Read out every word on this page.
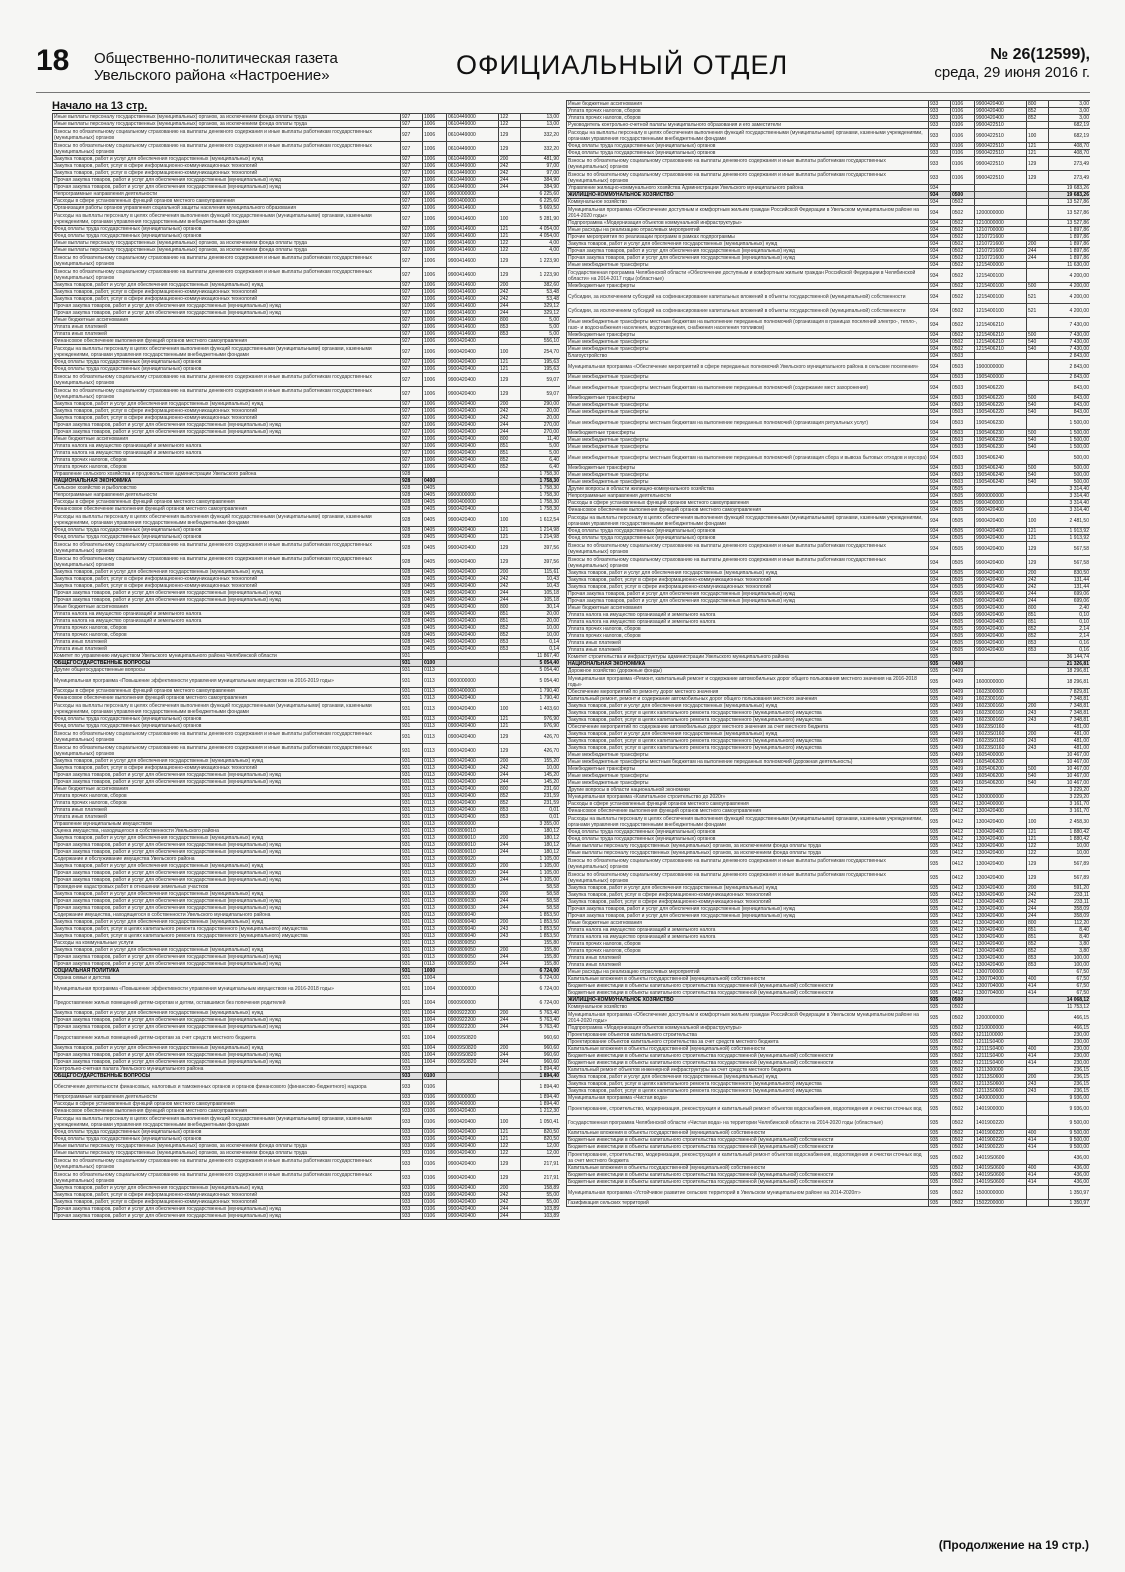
18 Общественно-политическая газета
Увельского района «Настроение»	ОФИЦИАЛЬНЫЙ ОТДЕЛ	№ 26(12599),
среда, 29 июня 2016 г.
Начало на 13 стр.
Иные выплаты персоналу государственных (муниципальных) органов, за исключением фонда оплаты труда	927	1006	0610449000	122	13,00
Иные выплаты персоналу государственных (муниципальных) органов, за исключением фонда оплаты труда	927	1006	0610449000	122	13,00
Взносы по обязательному социальному страхованию на выплаты денежного содержания и иные выплаты работникам государственных (муниципальных) органов	927	1006	0610449000	129	332,20
Взносы по обязательному социальному страхованию на выплаты денежного содержания и иные выплаты работникам государственных (муниципальных) органов	927	1006	0610449000	129	332,20
Закупка товаров, работ и услуг для обеспечения государственных (муниципальных) нужд	927	1006	0610449000	200	481,90
Закупка товаров, работ, услуг в сфере информационно-коммуникационных технологий	927	1006	0610449000	242	97,00
Закупка товаров, работ, услуг в сфере информационно-коммуникационных технологий	927	1006	0610449000	242	97,00
Прочая закупка товаров, работ и услуг для обеспечения государственных (муниципальных) нужд	927	1006	0610449000	244	384,90
Прочая закупка товаров, работ и услуг для обеспечения государственных (муниципальных) нужд	927	1006	0610449000	244	384,90
Непрограммные направления деятельности	927	1006	9900000000		6 225,60
Расходы в сфере установленных функций органов местного самоуправления	927	1006	9900400000		6 225,60
Организация работы органов управления социальной защиты населения муниципального образования	927	1006	9900414600		5 669,50
Расходы на выплаты персоналу в целях обеспечения выполнения функций государственными (муниципальными) органами, казенными учреждениями, органами управления государственными внебюджетными фондами	927	1006	9900414600	100	5 281,90
Фонд оплаты труда государственных (муниципальных) органов	927	1006	9900414600	121	4 054,00
Фонд оплаты труда государственных (муниципальных) органов	927	1006	9900414600	121	4 054,00
Иные выплаты персоналу государственных (муниципальных) органов, за исключением фонда оплаты труда	927	1006	9900414600	122	4,00
Иные выплаты персоналу государственных (муниципальных) органов, за исключением фонда оплаты труда	927	1006	9900414600	122	4,00
Взносы по обязательному социальному страхованию на выплаты денежного содержания и иные выплаты работникам государственных (муниципальных) органов	927	1006	9900414600	129	1 223,90
Взносы по обязательному социальному страхованию на выплаты денежного содержания и иные выплаты работникам государственных (муниципальных) органов	927	1006	9900414600	129	1 223,90
Закупка товаров, работ и услуг для обеспечения государственных (муниципальных) нужд	927	1006	9900414600	200	382,60
Закупка товаров, работ, услуг в сфере информационно-коммуникационных технологий	927	1006	9900414600	242	53,48
Закупка товаров, работ, услуг в сфере информационно-коммуникационных технологий	927	1006	9900414600	242	53,48
Прочая закупка товаров, работ и услуг для обеспечения государственных (муниципальных) нужд	927	1006	9900414600	244	329,12
Прочая закупка товаров, работ и услуг для обеспечения государственных (муниципальных) нужд	927	1006	9900414600	244	329,12
Иные бюджетные ассигнования	927	1006	9900414600	800	5,00
Уплата иных платежей	927	1006	9900414600	853	5,00
Уплата иных платежей	927	1006	9900414600	853	5,00
Финансовое обеспечение выполнения функций органов местного самоуправления	927	1006	9900420400		556,10
Расходы на выплаты персоналу в целях обеспечения выполнения функций государственными (муниципальными) органами, казенными учреждениями, органами управления государственными внебюджетными фондами	927	1006	9900420400	100	254,70
Фонд оплаты труда государственных (муниципальных) органов	927	1006	9900420400	121	195,63
Фонд оплаты труда государственных (муниципальных) органов	927	1006	9900420400	121	195,63
Взносы по обязательному социальному страхованию на выплаты денежного содержания и иные выплаты работникам государственных (муниципальных) органов	927	1006	9900420400	129	59,07
Взносы по обязательному социальному страхованию на выплаты денежного содержания и иные выплаты работникам государственных (муниципальных) органов	927	1006	9900420400	129	59,07
Закупка товаров, работ и услуг для обеспечения государственных (муниципальных) нужд	927	1006	9900420400	200	290,00
Закупка товаров, работ, услуг в сфере информационно-коммуникационных технологий	927	1006	9900420400	242	20,00
Закупка товаров, работ, услуг в сфере информационно-коммуникационных технологий	927	1006	9900420400	242	20,00
Прочая закупка товаров, работ и услуг для обеспечения государственных (муниципальных) нужд	927	1006	9900420400	244	270,00
Прочая закупка товаров, работ и услуг для обеспечения государственных (муниципальных) нужд	927	1006	9900420400	244	270,00
Иные бюджетные ассигнования	927	1006	9900420400	800	11,40
Уплата налога на имущество организаций и земельного налога	927	1006	9900420400	851	5,00
Уплата налога на имущество организаций и земельного налога	927	1006	9900420400	851	5,00
Уплата прочих налогов, сборов	927	1006	9900420400	852	6,40
Уплата прочих налогов, сборов	927	1006	9900420400	852	6,40
Управление сельского хозяйства и продовольствия администрации Увельского района	928				1 758,30
НАЦИОНАЛЬНАЯ ЭКОНОМИКА	928	0400			1 758,30
Сельское хозяйство и рыболовство	928	0405			1 758,30
Непрограммные направления деятельности	928	0405	9900000000		1 758,30
Расходы в сфере установленных функций органов местного самоуправления	928	0405	9900400000		1 758,30
Финансовое обеспечение выполнения функций органов местного самоуправления	928	0405	9900420400		1 758,30
Расходы на выплаты персоналу в целях обеспечения выполнения функций государственными (муниципальными) органами, казенными учреждениями, органами управления государственными внебюджетными фондами	928	0405	9900420400	100	1 612,54
Фонд оплаты труда государственных (муниципальных) органов	928	0405	9900420400	121	1 214,98
Фонд оплаты труда государственных (муниципальных) органов	928	0405	9900420400	121	1 214,98
Взносы по обязательному социальному страхованию на выплаты денежного содержания и иные выплаты работникам государственных (муниципальных) органов	928	0405	9900420400	129	397,56
Взносы по обязательному социальному страхованию на выплаты денежного содержания и иные выплаты работникам государственных (муниципальных) органов	928	0405	9900420400	129	397,56
Закупка товаров, работ и услуг для обеспечения государственных (муниципальных) нужд	928	0405	9900420400	200	115,61
Закупка товаров, работ, услуг в сфере информационно-коммуникационных технологий	928	0405	9900420400	242	10,43
Закупка товаров, работ, услуг в сфере информационно-коммуникационных технологий	928	0405	9900420400	242	10,43
Прочая закупка товаров, работ и услуг для обеспечения государственных (муниципальных) нужд	928	0405	9900420400	244	105,18
Прочая закупка товаров, работ и услуг для обеспечения государственных (муниципальных) нужд	928	0405	9900420400	244	105,18
Иные бюджетные ассигнования	928	0405	9900420400	800	30,14
Уплата налога на имущество организаций и земельного налога	928	0405	9900420400	851	20,00
Уплата налога на имущество организаций и земельного налога	928	0405	9900420400	851	20,00
Уплата прочих налогов, сборов	928	0405	9900420400	852	10,00
Уплата прочих налогов, сборов	928	0405	9900420400	852	10,00
Уплата иных платежей	928	0405	9900420400	853	0,14
Уплата иных платежей	928	0405	9900420400	853	0,14
Комитет по управлению имуществом Увельского муниципального района Челябинской области	931				11 867,40
ОБЩЕГОСУДАРСТВЕННЫЕ ВОПРОСЫ	931	0100			5 054,40
Другие общегосударственные вопросы	931	0113			5 054,40
Муниципальная программа «Повышение эффективности управления муниципальным имуществом на 2016-2019 годы»	931	0113	0900000000		5 054,40
Расходы в сфере установленных функций органов местного самоуправления	931	0113	0900400000		1 790,40
Финансовое обеспечение выполнения функций органов местного самоуправления	931	0113	0900420400		1 790,40
Расходы на выплаты персоналу в целях обеспечения выполнения функций государственными (муниципальными) органами, казенными учреждениями, органами управления государственными внебюджетными фондами	931	0113	0900420400	100	1 403,60
Фонд оплаты труда государственных (муниципальных) органов	931	0113	0900420400	121	976,90
Фонд оплаты труда государственных (муниципальных) органов	931	0113	0900420400	121	976,90
Взносы по обязательному социальному страхованию на выплаты денежного содержания и иные выплаты работникам государственных (муниципальных) органов	931	0113	0900420400	129	426,70
Взносы по обязательному социальному страхованию на выплаты денежного содержания и иные выплаты работникам государственных (муниципальных) органов	931	0113	0900420400	129	426,70
Закупка товаров, работ и услуг для обеспечения государственных (муниципальных) нужд	931	0113	0900420400	200	155,20
Закупка товаров, работ, услуг в сфере информационно-коммуникационных технологий	931	0113	0900420400	242	10,00
Прочая закупка товаров, работ и услуг для обеспечения государственных (муниципальных) нужд	931	0113	0900420400	244	145,20
Прочая закупка товаров, работ и услуг для обеспечения государственных (муниципальных) нужд	931	0113	0900420400	244	145,20
Иные бюджетные ассигнования	931	0113	0900420400	800	231,60
Уплата прочих налогов, сборов	931	0113	0900420400	852	231,59
Уплата прочих налогов, сборов	931	0113	0900420400	852	231,59
Уплата иных платежей	931	0113	0900420400	853	0,01
Уплата иных платежей	931	0113	0900420400	853	0,01
Управление муниципальным имуществом	931	0113	0900800000		3 355,00
Оценка имущества, находящегося в собственности Увельского района	931	0113	0900809010		180,12
Закупка товаров, работ и услуг для обеспечения государственных (муниципальных) нужд	931	0113	0900809010	200	180,12
Прочая закупка товаров, работ и услуг для обеспечения государственных (муниципальных) нужд	931	0113	0900809010	244	180,12
Прочая закупка товаров, работ и услуг для обеспечения государственных (муниципальных) нужд	931	0113	0900809010	244	180,12
Содержание и обслуживание имущества Увельского района	931	0113	0900809020		1 105,00
Закупка товаров, работ и услуг для обеспечения государственных (муниципальных) нужд	931	0113	0900809020	200	1 105,00
Прочая закупка товаров, работ и услуг для обеспечения государственных (муниципальных) нужд	931	0113	0900809020	244	1 105,00
Прочая закупка товаров, работ и услуг для обеспечения государственных (муниципальных) нужд	931	0113	0900809020	244	1 105,00
Проведение кадастровых работ в отношении земельных участков	931	0113	0900809030		58,58
Закупка товаров, работ и услуг для обеспечения государственных (муниципальных) нужд	931	0113	0900809030	200	58,58
Прочая закупка товаров, работ и услуг для обеспечения государственных (муниципальных) нужд	931	0113	0900809030	244	58,58
Прочая закупка товаров, работ и услуг для обеспечения государственных (муниципальных) нужд	931	0113	0900809030	244	58,58
Содержание имущества, находящегося в собственности Увельского муниципального района	931	0113	0900809040		1 853,50
Закупка товаров, работ и услуг для обеспечения государственных (муниципальных) нужд	931	0113	0900809040	200	1 853,50
Закупка товаров, работ, услуг в целях капитального ремонта государственного (муниципального) имущества	931	0113	0900809040	243	1 853,50
Закупка товаров, работ, услуг в целях капитального ремонта государственного (муниципального) имущества	931	0113	0900809040	243	1 853,50
Расходы на коммунальные услуги	931	0113	0900809050		155,80
Закупка товаров, работ и услуг для обеспечения государственных (муниципальных) нужд	931	0113	0900809050	200	155,80
Прочая закупка товаров, работ и услуг для обеспечения государственных (муниципальных) нужд	931	0113	0900809050	244	155,80
Прочая закупка товаров, работ и услуг для обеспечения государственных (муниципальных) нужд	931	0113	0900809050	244	155,80
СОЦИАЛЬНАЯ ПОЛИТИКА	931	1000			6 724,00
Охрана семьи и детства	931	1004			6 724,00
Муниципальная программа «Повышение эффективности управления муниципальным имуществом на 2016-2018 годы»	931	1004	0900000000		6 724,00
Предоставление жилых помещений детям-сиротам и детям, оставшимся без попечения родителей	931	1004	0900900000		6 724,00
Закупка товаров, работ и услуг для обеспечения государственных (муниципальных) нужд	931	1004	0900922200	200	5 763,40
Прочая закупка товаров, работ и услуг для обеспечения государственных (муниципальных) нужд	931	1004	0900922200	244	5 763,40
Прочая закупка товаров, работ и услуг для обеспечения государственных (муниципальных) нужд	931	1004	0900922200	244	5 763,40
Предоставление жилых помещений детям-сиротам за счет средств местного бюджета	931	1004	09009S0820		960,60
Закупка товаров, работ и услуг для обеспечения государственных (муниципальных) нужд	931	1004	09009S0820	200	960,60
Прочая закупка товаров, работ и услуг для обеспечения государственных (муниципальных) нужд	931	1004	09009S0820	244	960,60
Прочая закупка товаров, работ и услуг для обеспечения государственных (муниципальных) нужд	931	1004	09009S0820	244	960,60
Контрольно-счетная палата Увельского муниципального района	933				1 894,40
ОБЩЕГОСУДАРСТВЕННЫЕ ВОПРОСЫ	933	0100			1 894,40
Обеспечение деятельности финансовых, налоговых и таможенных органов и органов финансового (финансово-бюджетного) надзора	933	0106			1 894,40
Непрограммные направления деятельности	933	0106	9900000000		1 894,40
Расходы в сфере установленных функций органов местного самоуправления	933	0106	9900400000		1 894,40
Финансовое обеспечение выполнения функций органов местного самоуправления	933	0106	9900420400		1 212,30
Расходы на выплаты персоналу в целях обеспечения выполнения функций государственными (муниципальными) органами, казенными учреждениями, органами управления государственными внебюджетными фондами	933	0106	9900420400	100	1 050,41
Фонд оплаты труда государственных (муниципальных) органов	933	0106	9900420400	121	820,50
Фонд оплаты труда государственных (муниципальных) органов	933	0106	9900420400	121	820,50
Иные выплаты персоналу государственных (муниципальных) органов, за исключением фонда оплаты труда	933	0106	9900420400	122	12,00
Иные выплаты персоналу государственных (муниципальных) органов, за исключением фонда оплаты труда	933	0106	9900420400	122	12,00
Взносы по обязательному социальному страхованию на выплаты денежного содержания и иные выплаты работникам государственных (муниципальных) органов	933	0106	9900420400	129	217,91
Взносы по обязательному социальному страхованию на выплаты денежного содержания и иные выплаты работникам государственных (муниципальных) органов	933	0106	9900420400	129	217,91
Закупка товаров, работ и услуг для обеспечения государственных (муниципальных) нужд	933	0106	9900420400	200	158,89
Закупка товаров, работ, услуг в сфере информационно-коммуникационных технологий	933	0106	9900420400	242	55,00
Закупка товаров, работ, услуг в сфере информационно-коммуникационных технологий	933	0106	9900420400	242	55,00
Прочая закупка товаров, работ и услуг для обеспечения государственных (муниципальных) нужд	933	0106	9900420400	244	103,89
Прочая закупка товаров, работ и услуг для обеспечения государственных (муниципальных) нужд	933	0106	9900420400	244	103,89
Иные бюджетные ассигнования	933	0106	9900420400	800	3,00
Уплата прочих налогов, сборов	933	0106	9900420400	852	3,00
Уплата прочих налогов, сборов	933	0106	9900420400	852	3,00
Руководитель контрольно-счетной палаты муниципального образования и его заместители	933	0106	9900422510		682,19
Расходы на выплаты персоналу в целях обеспечения выполнения функций государственными (муниципальными) органами, казенными учреждениями, органами управления государственными внебюджетными фондами	933	0106	9900422510	100	682,19
Фонд оплаты труда государственных (муниципальных) органов	933	0106	9900422510	121	408,70
Фонд оплаты труда государственных (муниципальных) органов	933	0106	9900422510	121	408,70
Взносы по обязательному социальному страхованию на выплаты денежного содержания и иные выплаты работникам государственных (муниципальных) органов	933	0106	9900422510	129	273,49
Взносы по обязательному социальному страхованию на выплаты денежного содержания и иные выплаты работникам государственных (муниципальных) органов	933	0106	9900422510	129	273,49
Управление жилищно-коммунального хозяйства Администрации Увельского муниципального района	934				19 683,26
ЖИЛИЩНО-КОММУНАЛЬНОЕ ХОЗЯЙСТВО	934	0500			19 683,26
Коммунальное хозяйство	934	0502			13 527,86
Муниципальная программа «Обеспечение доступным и комфортным жильем граждан Российской Федерации в Увельском муниципальном районе на 2014-2020 годы»	934	0502	1200000000		13 527,86
Подпрограмма «Модернизация объектов коммунальной инфраструктуры»	934	0502	1210000000		13 527,86
Иные расходы на реализацию отраслевых мероприятий	934	0502	1210700000		1 897,86
Прочие мероприятия по реализации программ в рамках подпрограммы	934	0502	1210721600		1 897,86
Закупка товаров, работ и услуг для обеспечения государственных (муниципальных) нужд	934	0502	1210721600	200	1 897,86
Прочая закупка товаров, работ и услуг для обеспечения государственных (муниципальных) нужд	934	0502	1210721600	244	1 897,86
Прочая закупка товаров, работ и услуг для обеспечения государственных (муниципальных) нужд	934	0502	1210721600	244	1 897,86
Иные межбюджетные трансферты	934	0502	1215400000		11 630,00
Государственная программа Челябинской области «Обеспечение доступным и комфортным жильем граждан Российской Федерации в Челябинской области» на 2014-2017 годы (областные)	934	0502	1215400100		4 200,00
Межбюджетные трансферты	934	0502	1215400100	500	4 200,00
Субсидии, за исключением субсидий на софинансирование капитальных вложений в объекты государственной (муниципальной) собственности	934	0502	1215400100	521	4 200,00
Субсидии, за исключением субсидий на софинансирование капитальных вложений в объекты государственной (муниципальной) собственности	934	0502	1215400100	521	4 200,00
Иные межбюджетные трансферты местным бюджетам на выполнение переданных полномочий (организация в границах поселений электро-, тепло-, газо- и водоснабжения населения, водоотведения, снабжения населения топливом)	934	0502	1215406210		7 430,00
Межбюджетные трансферты	934	0502	1215406210	500	7 430,00
Иные межбюджетные трансферты	934	0502	1215406210	540	7 430,00
Иные межбюджетные трансферты	934	0502	1215406210	540	7 430,00
Благоустройство	934	0503			2 843,00
Муниципальная программа «Обеспечение мероприятий в сфере переданных полномочий Увельского муниципального района в сельские поселения»	934	0503	1900000000		2 843,00
Иные межбюджетные трансферты	934	0503	1905400000		2 843,00
Иные межбюджетные трансферты местным бюджетам на выполнение переданных полномочий (содержание мест захоронения)	934	0503	1905406220		843,00
Межбюджетные трансферты	934	0503	1905406220	500	843,00
Иные межбюджетные трансферты	934	0503	1905406220	540	843,00
Иные межбюджетные трансферты	934	0503	1905406220	540	843,00
Иные межбюджетные трансферты местным бюджетам на выполнение переданных полномочий (организация ритуальных услуг)	934	0503	1905406230		1 500,00
Межбюджетные трансферты	934	0503	1905406230	500	1 500,00
Иные межбюджетные трансферты	934	0503	1905406230	540	1 500,00
Иные межбюджетные трансферты	934	0503	1905406230	540	1 500,00
Иные межбюджетные трансферты местным бюджетам на выполнение переданных полномочий (организация сбора и вывоза бытовых отходов и мусора)	934	0503	1905406240		500,00
Межбюджетные трансферты	934	0503	1905406240	500	500,00
Иные межбюджетные трансферты	934	0503	1905406240	540	500,00
Иные межбюджетные трансферты	934	0503	1905406240	540	500,00
Другие вопросы в области жилищно-коммунального хозяйства	934	0505			3 314,40
Непрограммные направления деятельности	934	0505	9900000000		3 314,40
Расходы в сфере установленных функций органов местного самоуправления	934	0505	9900400000		3 314,40
Финансовое обеспечение выполнения функций органов местного самоуправления	934	0505	9900420400		3 314,40
Расходы на выплаты персоналу в целях обеспечения выполнения функций государственными (муниципальными) органами, казенными учреждениями, органами управления государственными внебюджетными фондами	934	0505	9900420400	100	2 481,50
Фонд оплаты труда государственных (муниципальных) органов	934	0505	9900420400	121	1 913,92
Фонд оплаты труда государственных (муниципальных) органов	934	0505	9900420400	121	1 913,92
Взносы по обязательному социальному страхованию на выплаты денежного содержания и иные выплаты работникам государственных (муниципальных) органов	934	0505	9900420400	129	567,58
Взносы по обязательному социальному страхованию на выплаты денежного содержания и иные выплаты работникам государственных (муниципальных) органов	934	0505	9900420400	129	567,58
Закупка товаров, работ и услуг для обеспечения государственных (муниципальных) нужд	934	0505	9900420400	200	830,50
Закупка товаров, работ, услуг в сфере информационно-коммуникационных технологий	934	0505	9900420400	242	131,44
Закупка товаров, работ, услуг в сфере информационно-коммуникационных технологий	934	0505	9900420400	242	131,44
Прочая закупка товаров, работ и услуг для обеспечения государственных (муниципальных) нужд	934	0505	9900420400	244	699,06
Прочая закупка товаров, работ и услуг для обеспечения государственных (муниципальных) нужд	934	0505	9900420400	244	699,06
Иные бюджетные ассигнования	934	0505	9900420400	800	2,40
Уплата налога на имущество организаций и земельного налога	934	0505	9900420400	851	0,10
Уплата налога на имущество организаций и земельного налога	934	0505	9900420400	851	0,10
Уплата прочих налогов, сборов	934	0505	9900420400	852	2,14
Уплата прочих налогов, сборов	934	0505	9900420400	852	2,14
Уплата иных платежей	934	0505	9900420400	853	0,16
Уплата иных платежей	934	0505	9900420400	853	0,16
Комитет строительства и инфраструктуры администрации Увельского муниципального района	935				36 144,74
НАЦИОНАЛЬНАЯ ЭКОНОМИКА	935	0400			21 326,81
Дорожное хозяйство (дорожные фонды)	935	0409			18 296,81
Муниципальная программа «Ремонт, капитальный ремонт и содержание автомобильных дорог общего пользования местного значения на 2016-2018 годы»	935	0409	1600000000		18 296,81
Обеспечение мероприятий по ремонту дорог местного значения	935	0409	1602300000		7 829,81
Капитальный ремонт, ремонт и содержание автомобильных дорог общего пользования местного значения	935	0409	1602300160		7 348,81
Закупка товаров, работ и услуг для обеспечения государственных (муниципальных) нужд	935	0409	1602300160	200	7 348,81
Закупка товаров, работ, услуг в целях капитального ремонта государственного (муниципального) имущества	935	0409	1602300160	243	7 348,81
Закупка товаров, работ, услуг в целях капитального ремонта государственного (муниципального) имущества	935	0409	1602300160	243	7 348,81
Обеспечение мероприятий по содержанию автомобильных дорог местного значения за счет местного бюджета	935	0409	16023S0160		481,00
Закупка товаров, работ и услуг для обеспечения государственных (муниципальных) нужд	935	0409	16023S0160	200	481,00
Закупка товаров, работ, услуг в целях капитального ремонта государственного (муниципального) имущества	935	0409	16023S0160	243	481,00
Закупка товаров, работ, услуг в целях капитального ремонта государственного (муниципального) имущества	935	0409	16023S0160	243	481,00
Иные межбюджетные трансферты	935	0409	1605400000		10 467,00
Иные межбюджетные трансферты местным бюджетам на выполнение переданных полномочий (дорожная деятельность)	935	0409	1605406200		10 467,00
Межбюджетные трансферты	935	0409	1605406200	500	10 467,00
Иные межбюджетные трансферты	935	0409	1605406200	540	10 467,00
Иные межбюджетные трансферты	935	0409	1605406200	540	10 467,00
Другие вопросы в области национальной экономики	935	0412			3 229,20
Муниципальная программа «Капитальное строительство до 2020г»	935	0412	1300000000		3 229,20
Расходы в сфере установленных функций органов местного самоуправления	935	0412	1300400000		3 161,70
Финансовое обеспечение выполнения функций органов местного самоуправления	935	0412	1300420400		3 161,70
Расходы на выплаты персоналу в целях обеспечения выполнения функций государственными (муниципальными) органами, казенными учреждениями, органами управления государственными внебюджетными фондами	935	0412	1300420400	100	2 458,30
Фонд оплаты труда государственных (муниципальных) органов	935	0412	1300420400	121	1 880,42
Фонд оплаты труда государственных (муниципальных) органов	935	0412	1300420400	121	1 880,42
Иные выплаты персоналу государственных (муниципальных) органов, за исключением фонда оплаты труда	935	0412	1300420400	122	10,00
Иные выплаты персоналу государственных (муниципальных) органов, за исключением фонда оплаты труда	935	0412	1300420400	122	10,00
Взносы по обязательному социальному страхованию на выплаты денежного содержания и иные выплаты работникам государственных (муниципальных) органов	935	0412	1300420400	129	567,89
Взносы по обязательному социальному страхованию на выплаты денежного содержания и иные выплаты работникам государственных (муниципальных) органов	935	0412	1300420400	129	567,89
Закупка товаров, работ и услуг для обеспечения государственных (муниципальных) нужд	935	0412	1300420400	200	591,20
Закупка товаров, работ, услуг в сфере информационно-коммуникационных технологий	935	0412	1300420400	242	233,11
Закупка товаров, работ, услуг в сфере информационно-коммуникационных технологий	935	0412	1300420400	242	233,11
Прочая закупка товаров, работ и услуг для обеспечения государственных (муниципальных) нужд	935	0412	1300420400	244	358,09
Прочая закупка товаров, работ и услуг для обеспечения государственных (муниципальных) нужд	935	0412	1300420400	244	358,09
Иные бюджетные ассигнования	935	0412	1300420400	800	112,20
Уплата налога на имущество организаций и земельного налога	935	0412	1300420400	851	8,40
Уплата налога на имущество организаций и земельного налога	935	0412	1300420400	851	8,40
Уплата прочих налогов, сборов	935	0412	1300420400	852	3,80
Уплата прочих налогов, сборов	935	0412	1300420400	852	3,80
Уплата иных платежей	935	0412	1300420400	853	100,00
Уплата иных платежей	935	0412	1300420400	853	100,00
Иные расходы на реализацию отраслевых мероприятий	935	0412	1300700000		67,50
Капитальные вложения в объекты государственной (муниципальной) собственности	935	0412	1300704000	400	67,50
Бюджетные инвестиции в объекты капитального строительства государственной (муниципальной) собственности	935	0412	1300704000	414	67,50
Бюджетные инвестиции в объекты капитального строительства государственной (муниципальной) собственности	935	0412	1300704000	414	67,50
ЖИЛИЩНО-КОММУНАЛЬНОЕ ХОЗЯЙСТВО	935	0500			14 068,12
Коммунальное хозяйство	935	0502			11 753,12
Муниципальная программа «Обеспечение доступным и комфортным жильем граждан Российской Федерации в Увельском муниципальном районе на 2014-2020 годы»	935	0502	1200000000		466,15
Подпрограмма «Модернизация объектов коммунальной инфраструктуры»	935	0502	1210000000		466,15
Проектирование объектов капитального строительства	935	0502	1211100000		230,00
Проектирование объектов капитального строительства за счет средств местного бюджета	935	0502	12111S0400		230,00
Капитальные вложения в объекты государственной (муниципальной) собственности	935	0502	12111S0400	400	230,00
Бюджетные инвестиции в объекты капитального строительства государственной (муниципальной) собственности	935	0502	12111S0400	414	230,00
Бюджетные инвестиции в объекты капитального строительства государственной (муниципальной) собственности	935	0502	12111S0400	414	230,00
Капитальный ремонт объектов инженерной инфраструктуры за счет средств местного бюджета	935	0502	1211300000		236,15
Закупка товаров, работ и услуг для обеспечения государственных (муниципальных) нужд	935	0502	12113S0600	200	236,15
Закупка товаров, работ, услуг в целях капитального ремонта государственного (муниципального) имущества	935	0502	12113S0600	243	236,15
Закупка товаров, работ, услуг в целях капитального ремонта государственного (муниципального) имущества	935	0502	12113S0600	243	236,15
Муниципальная программа «Чистая вода»	935	0502	1400000000		9 936,00
Проектирование, строительство, модернизация, реконструкция и капитальный ремонт объектов водоснабжения, водоотведения и очистки сточных вод	935	0502	1401900000		9 936,00
Государственная программа Челябинской области «Чистая вода» на территории Челябинской области на 2014-2020 годы (областные)	935	0502	1401900220		9 500,00
Капитальные вложения в объекты государственной (муниципальной) собственности	935	0502	1401900220	400	9 500,00
Бюджетные инвестиции в объекты капитального строительства государственной (муниципальной) собственности	935	0502	1401900220	414	9 500,00
Бюджетные инвестиции в объекты капитального строительства государственной (муниципальной) собственности	935	0502	1401900220	414	9 500,00
Проектирование, строительство, модернизация, реконструкция и капитальный ремонт объектов водоснабжения, водоотведения и очистки сточных вод за счет местного бюджета	935	0502	14019S0600		436,00
Капитальные вложения в объекты государственной (муниципальной) собственности	935	0502	14019S0600	400	436,00
Бюджетные инвестиции в объекты капитального строительства государственной (муниципальной) собственности	935	0502	14019S0600	414	436,00
Бюджетные инвестиции в объекты капитального строительства государственной (муниципальной) собственности	935	0502	14019S0600	414	436,00
Муниципальная программа «Устойчивое развитие сельских территорий в Увельском муниципальном районе на 2014-2020гг»	935	0502	1500000000		1 350,97
Газификация сельских территорий	935	0502	1502200000		1 350,97
(Продолжение на 19 стр.)
